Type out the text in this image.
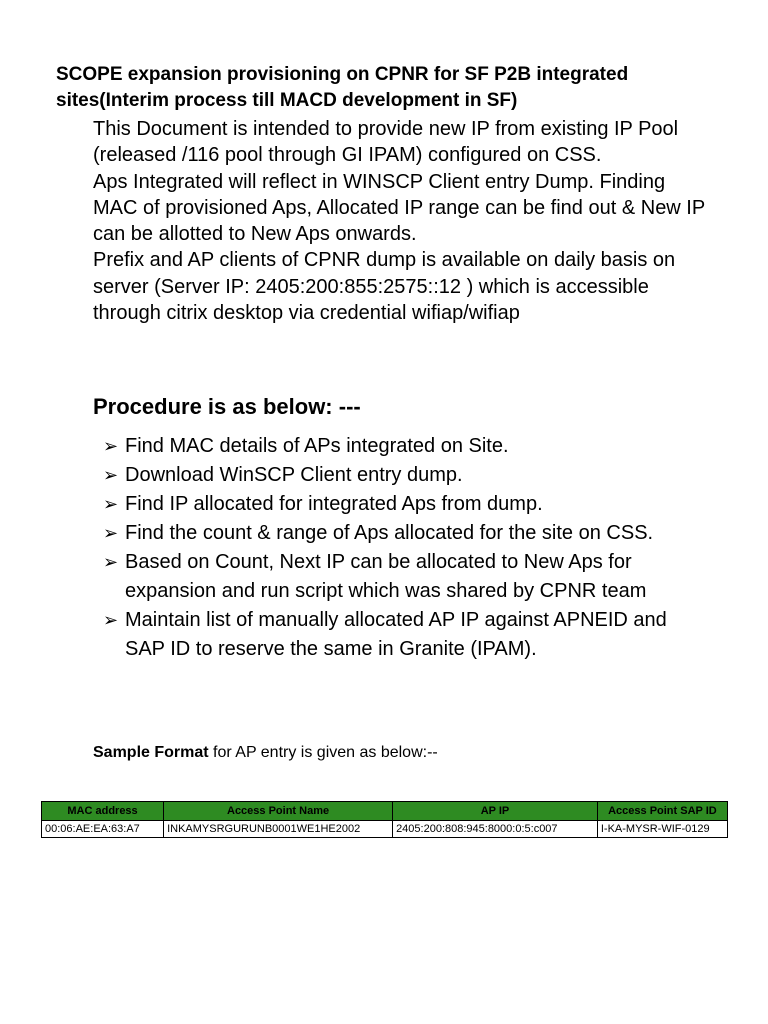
SCOPE expansion provisioning on CPNR for SF P2B integrated
sites(Interim process till MACD development in SF)

This Document is intended to provide new IP from existing IP Pool (released /116 pool through GI IPAM) configured on CSS.

Aps Integrated will reflect in WINSCP Client entry Dump. Finding MAC of provisioned Aps, Allocated IP range can be find out & New IP can be allotted to New Aps onwards.

Prefix and AP clients of CPNR dump is available on daily basis on server (Server IP: 2405:200:855:2575::12 ) which is accessible through citrix desktop via credential wifiap/wifiap

Procedure is as below: ---
➢ Find MAC details of APs integrated on Site.
➢ Download WinSCP Client entry dump.
➢ Find IP allocated for integrated Aps from dump.
➢ Find the count & range of Aps allocated for the site on CSS.
➢ Based on Count, Next IP can be allocated to New Aps for expansion and run script which was shared by CPNR team
➢ Maintain list of manually allocated AP IP against APNEID and SAP ID to reserve the same in Granite (IPAM).

Sample Format for AP entry is given as below:--

MAC address	Access Point Name	AP IP	Access Point SAP ID
00:06:AE:EA:63:A7	INKAMYSRGURUNB0001WE1HE2002	2405:200:808:945:8000:0:5:c007	I-KA-MYSR-WIF-0129
